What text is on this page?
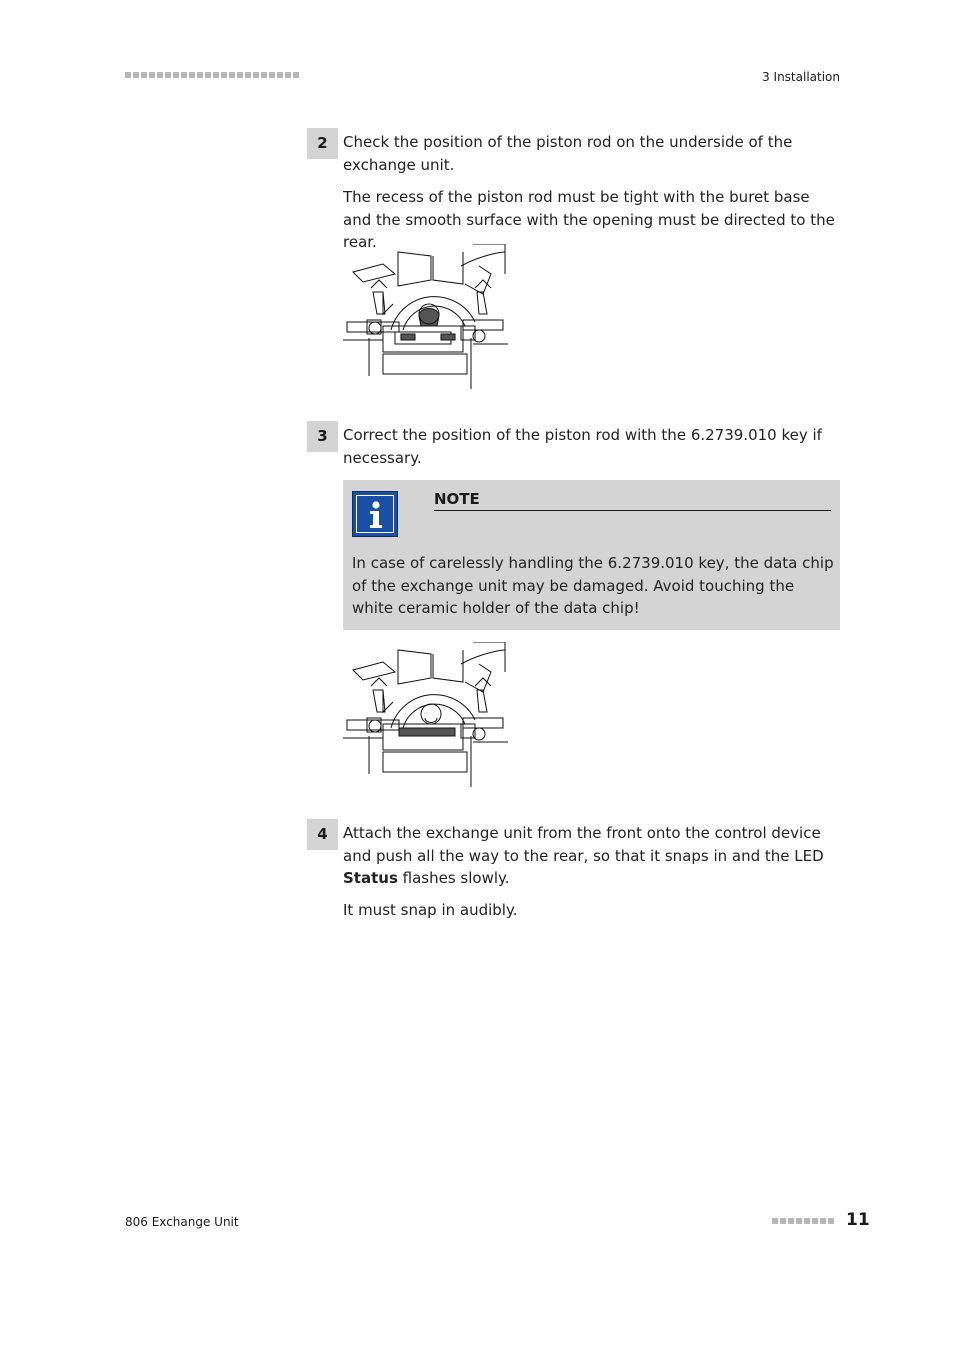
3 Installation
2	Check the position of the piston rod on the underside of the exchange unit.
The recess of the piston rod must be tight with the buret base and the smooth surface with the opening must be directed to the rear.
3	Correct the position of the piston rod with the 6.2739.010 key if necessary.
NOTE
In case of carelessly handling the 6.2739.010 key, the data chip of the exchange unit may be damaged. Avoid touching the white ceramic holder of the data chip!
4	Attach the exchange unit from the front onto the control device and push all the way to the rear, so that it snaps in and the LED Status flashes slowly.
It must snap in audibly.
806 Exchange Unit	11
